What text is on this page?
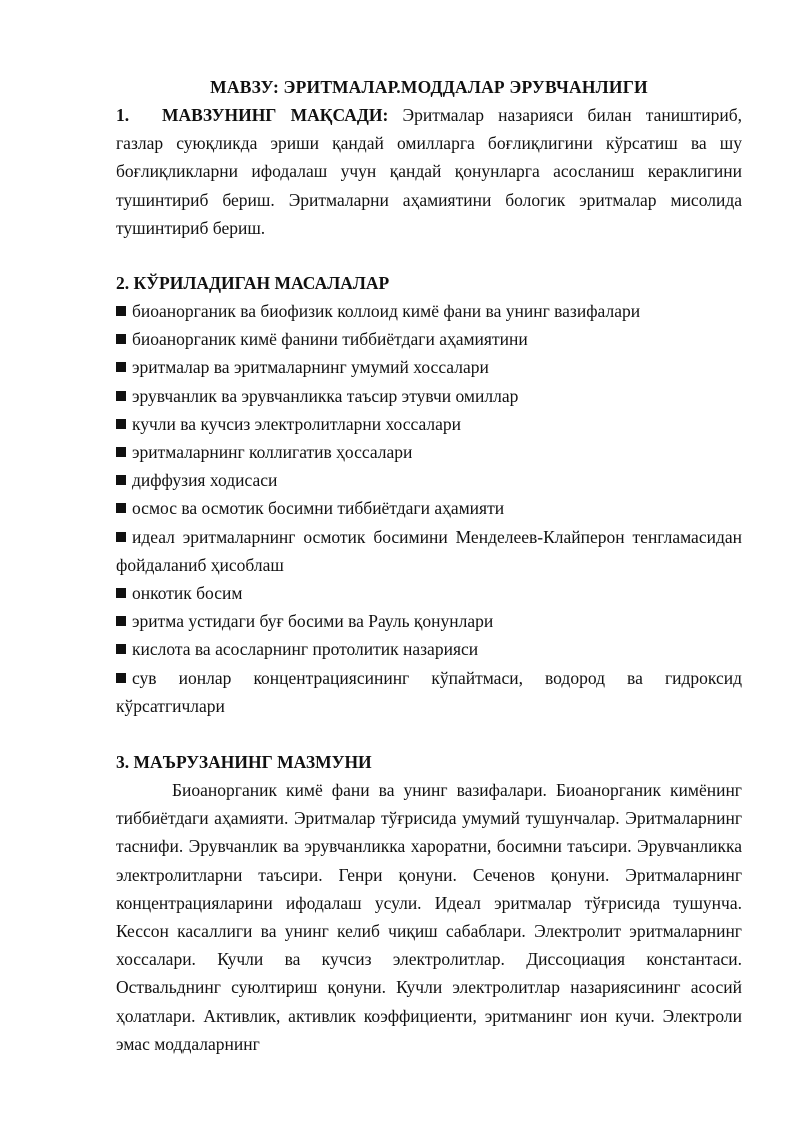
МАВЗУ: ЭРИТМАЛАР.МОДДАЛАР ЭРУВЧАНЛИГИ

1. МАВЗУНИНГ МАҚСАДИ: Эритмалар назарияси билан таништириб, газлар суюқликда эриши қандай омилларга боғлиқлигини кўрсатиш ва шу боғлиқликларни ифодалаш учун қандай қонунларга асосланиш кераклигини тушинтириб бериш. Эритмаларни аҳамиятини бологик эритмалар мисолида тушинтириб бериш.

2. КЎРИЛАДИГАН МАСАЛАЛАР
биоанорганик ва биофизик коллоид кимё фани ва унинг вазифалари
биоанорганик кимё фанини тиббиётдаги аҳамиятини
эритмалар ва эритмаларнинг умумий хоссалари
эрувчанлик ва эрувчанликка таъсир этувчи омиллар
кучли ва кучсиз электролитларни хоссалари
эритмаларнинг коллигатив ҳоссалари
диффузия ходисаси
осмос ва осмотик босимни тиббиётдаги аҳамияти
идеал эритмаларнинг осмотик босимини Менделеев-Клайперон тенгламасидан фойдаланиб ҳисоблаш
онкотик босим
эритма устидаги буғ босими ва Рауль қонунлари
кислота ва асосларнинг протолитик назарияси
сув ионлар концентрациясининг кўпайтмаси, водород ва гидроксид кўрсатгичлари
3. МАЪРУЗАНИНГ МАЗМУНИ

Биоанорганик кимё фани ва унинг вазифалари. Биоанорганик кимёнинг тиббиётдаги аҳамияти. Эритмалар тўғрисида умумий тушунчалар. Эритмаларнинг таснифи. Эрувчанлик ва эрувчанликка хароратни, босимни таъсири. Эрувчанликка электролитларни таъсири. Генри қонуни. Сеченов қонуни. Эритмаларнинг концентрацияларини ифодалаш усули. Идеал эритмалар тўғрисида тушунча. Кессон касаллиги ва унинг келиб чиқиш сабаблари. Электролит эритмаларнинг хоссалари. Кучли ва кучсиз электролитлар. Диссоциация константаси. Оствальднинг суюлтириш қонуни. Кучли электролитлар назариясининг асосий ҳолатлари. Активлик, активлик коэффициенти, эритманинг ион кучи. Электроли эмас моддаларнинг
